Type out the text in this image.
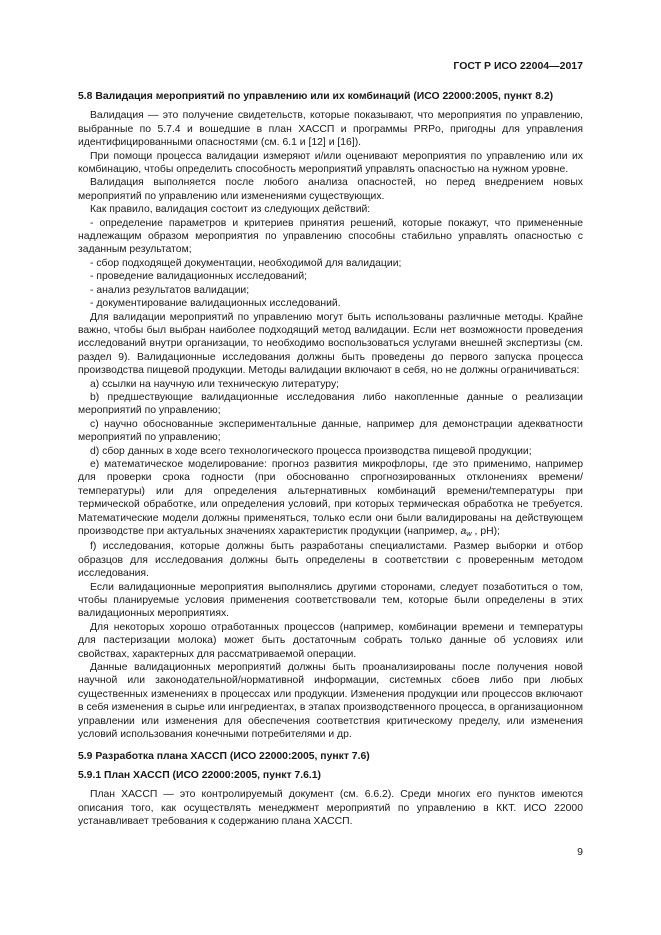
ГОСТ Р ИСО 22004—2017
5.8 Валидация мероприятий по управлению или их комбинаций (ИСО 22000:2005, пункт 8.2)

Валидация — это получение свидетельств, которые показывают, что мероприятия по управлению, выбранные по 5.7.4 и вошедшие в план ХАССП и программы PRPо, пригодны для управления идентифицированными опасностями (см. 6.1 и [12] и [16]).

При помощи процесса валидации измеряют и/или оценивают мероприятия по управлению или их комбинацию, чтобы определить способность мероприятий управлять опасностью на нужном уровне.

Валидация выполняется после любого анализа опасностей, но перед внедрением новых мероприятий по управлению или изменениями существующих.

Как правило, валидация состоит из следующих действий:

- определение параметров и критериев принятия решений, которые покажут, что примененные надлежащим образом мероприятия по управлению способны стабильно управлять опасностью с заданным результатом;

- сбор подходящей документации, необходимой для валидации;

- проведение валидационных исследований;

- анализ результатов валидации;

- документирование валидационных исследований.

Для валидации мероприятий по управлению могут быть использованы различные методы. Крайне важно, чтобы был выбран наиболее подходящий метод валидации. Если нет возможности проведения исследований внутри организации, то необходимо воспользоваться услугами внешней экспертизы (см. раздел 9). Валидационные исследования должны быть проведены до первого запуска процесса производства пищевой продукции. Методы валидации включают в себя, но не должны ограничиваться:

a) ссылки на научную или техническую литературу;

b) предшествующие валидационные исследования либо накопленные данные о реализации мероприятий по управлению;

c) научно обоснованные экспериментальные данные, например для демонстрации адекватности мероприятий по управлению;

d) сбор данных в ходе всего технологического процесса производства пищевой продукции;

e) математическое моделирование: прогноз развития микрофлоры, где это применимо, например для проверки срока годности (при обоснованно спрогнозированных отклонениях времени/температуры) или для определения альтернативных комбинаций времени/температуры при термической обработке, или определения условий, при которых термическая обработка не требуется. Математические модели должны применяться, только если они были валидированы на действующем производстве при актуальных значениях характеристик продукции (например, $a_w$ , pH);

f) исследования, которые должны быть разработаны специалистами. Размер выборки и отбор образцов для исследования должны быть определены в соответствии с проверенным методом исследования.

Если валидационные мероприятия выполнялись другими сторонами, следует позаботиться о том, чтобы планируемые условия применения соответствовали тем, которые были определены в этих валидационных мероприятиях.

Для некоторых хорошо отработанных процессов (например, комбинации времени и температуры для пастеризации молока) может быть достаточным собрать только данные об условиях или свойствах, характерных для рассматриваемой операции.

Данные валидационных мероприятий должны быть проанализированы после получения новой научной или законодательной/нормативной информации, системных сбоев либо при любых существенных изменениях в процессах или продукции. Изменения продукции или процессов включают в себя изменения в сырье или ингредиентах, в этапах производственного процесса, в организационном управлении или изменения для обеспечения соответствия критическому пределу, или изменения условий использования конечными потребителями и др.

5.9 Разработка плана ХАССП (ИСО 22000:2005, пункт 7.6)
5.9.1 План ХАССП (ИСО 22000:2005, пункт 7.6.1)

План ХАССП — это контролируемый документ (см. 6.6.2). Среди многих его пунктов имеются описания того, как осуществлять менеджмент мероприятий по управлению в ККТ. ИСО 22000 устанавливает требования к содержанию плана ХАССП.

9
